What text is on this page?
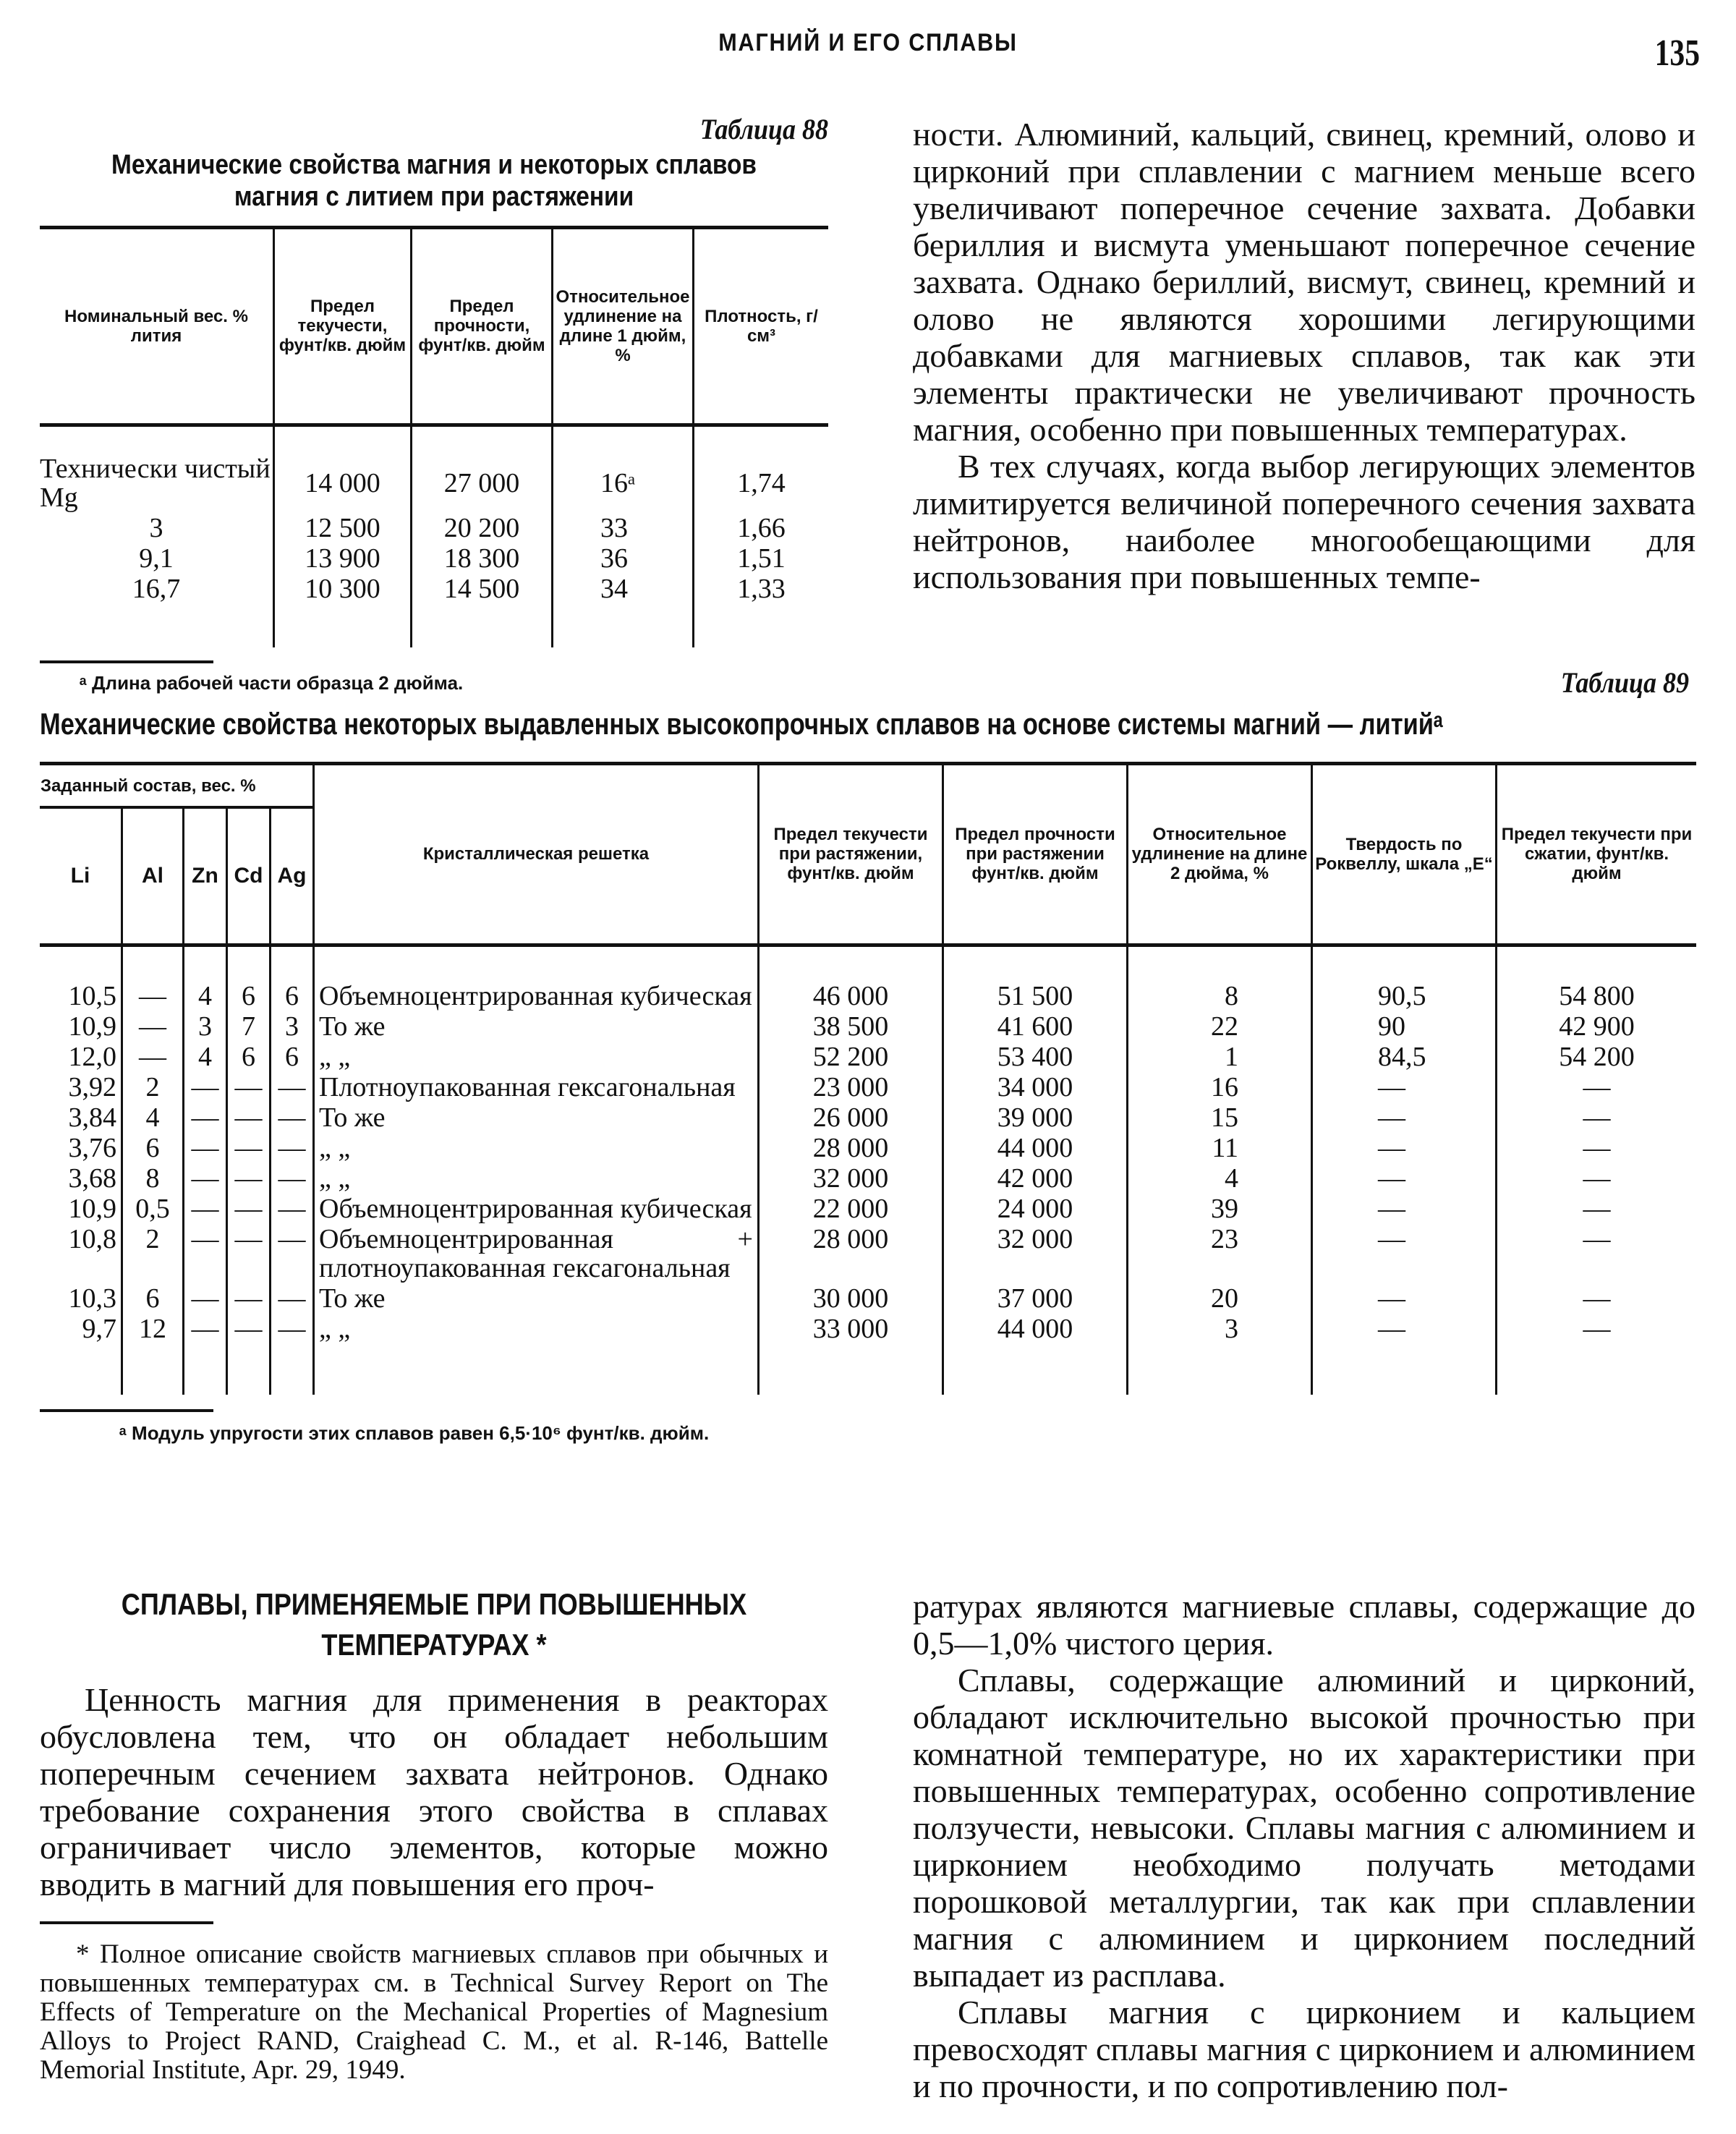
МАГНИЙ И ЕГО СПЛАВЫ	135
Таблица 88
Механические свойства магния и некоторых сплавов магния с литием при растяжении
Номинальный вес. % лития	Предел текучести, фунт/кв. дюйм	Предел прочности, фунт/кв. дюйм	Относительное удлинение на длине 1 дюйм, %	Плотность, г/см³

Технически чистый Mg	14 000	27 000	16ᵃ	1,74
3	12 500	20 200	33	1,66
9,1	13 900	18 300	36	1,51
16,7	10 300	14 500	34	1,33

ᵃ Длина рабочей части образца 2 дюйма.

ности. Алюминий, кальций, свинец, кремний, олово и цирконий при сплавлении с магнием меньше всего увеличивают поперечное сечение захвата. Добавки бериллия и висмута уменьшают поперечное сечение захвата. Однако бериллий, висмут, свинец, кремний и олово не являются хорошими легирующими добавками для магниевых сплавов, так как эти элементы практически не увеличивают прочность магния, особенно при повышенных температурах.

В тех случаях, когда выбор легирующих элементов лимитируется величиной поперечного сечения захвата нейтронов, наиболее многообещающими для использования при повышенных темпе-

Таблица 89
Механические свойства некоторых выдавленных высокопрочных сплавов на основе системы магний — литийᵃ
Заданный состав, вес. %					Кристаллическая решетка	Предел текучести при растяжении, фунт/кв. дюйм	Предел прочности при растяжении фунт/кв. дюйм	Относительное удлинение на длине 2 дюйма, %	Твердость по Роквеллу, шкала „E“	Предел текучести при сжатии, фунт/кв. дюйм
Li	Al	Zn	Cd	Ag						

10,5	—	4	6	6	Объемноцентрированная кубическая	46 000	51 500	8	90,5	54 800
10,9	—	3	7	3	То же	38 500	41 600	22	90	42 900
12,0	—	4	6	6	„ „	52 200	53 400	1	84,5	54 200
3,92	2	—	—	—	Плотноупакованная гексагональная	23 000	34 000	16	—	—
3,84	4	—	—	—	То же	26 000	39 000	15	—	—
3,76	6	—	—	—	„ „	28 000	44 000	11	—	—
3,68	8	—	—	—	„ „	32 000	42 000	4	—	—
10,9	0,5	—	—	—	Объемноцентрированная кубическая	22 000	24 000	39	—	—
10,8	2	—	—	—	Объемноцентрированная + плотноупакованная гексагональная	28 000	32 000	23	—	—
10,3	6	—	—	—	То же	30 000	37 000	20	—	—
9,7	12	—	—	—	„ „	33 000	44 000	3	—	—

ᵃ Модуль упругости этих сплавов равен 6,5·10⁶ фунт/кв. дюйм.
СПЛАВЫ, ПРИМЕНЯЕМЫЕ ПРИ ПОВЫШЕННЫХ
ТЕМПЕРАТУРАХ *

Ценность магния для применения в реакторах обусловлена тем, что он обладает небольшим поперечным сечением захвата нейтронов. Однако требование сохранения этого свойства в сплавах ограничивает число элементов, которые можно вводить в магний для повышения его проч-

* Полное описание свойств магниевых сплавов при обычных и повышенных температурах см. в Technical Survey Report on The Effects of Temperature on the Mechanical Properties of Magnesium Alloys to Project RAND, Craighead C. M., et al. R-146, Battelle Memorial Institute, Apr. 29, 1949.

ратурах являются магниевые сплавы, содержащие до 0,5—1,0% чистого церия.

Сплавы, содержащие алюминий и цирконий, обладают исключительно высокой прочностью при комнатной температуре, но их характеристики при повышенных температурах, особенно сопротивление ползучести, невысоки. Сплавы магния с алюминием и цирконием необходимо получать методами порошковой металлургии, так как при сплавлении магния с алюминием и цирконием последний выпадает из расплава.

Сплавы магния с цирконием и кальцием превосходят сплавы магния с цирконием и алюминием и по прочности, и по сопротивлению пол-
